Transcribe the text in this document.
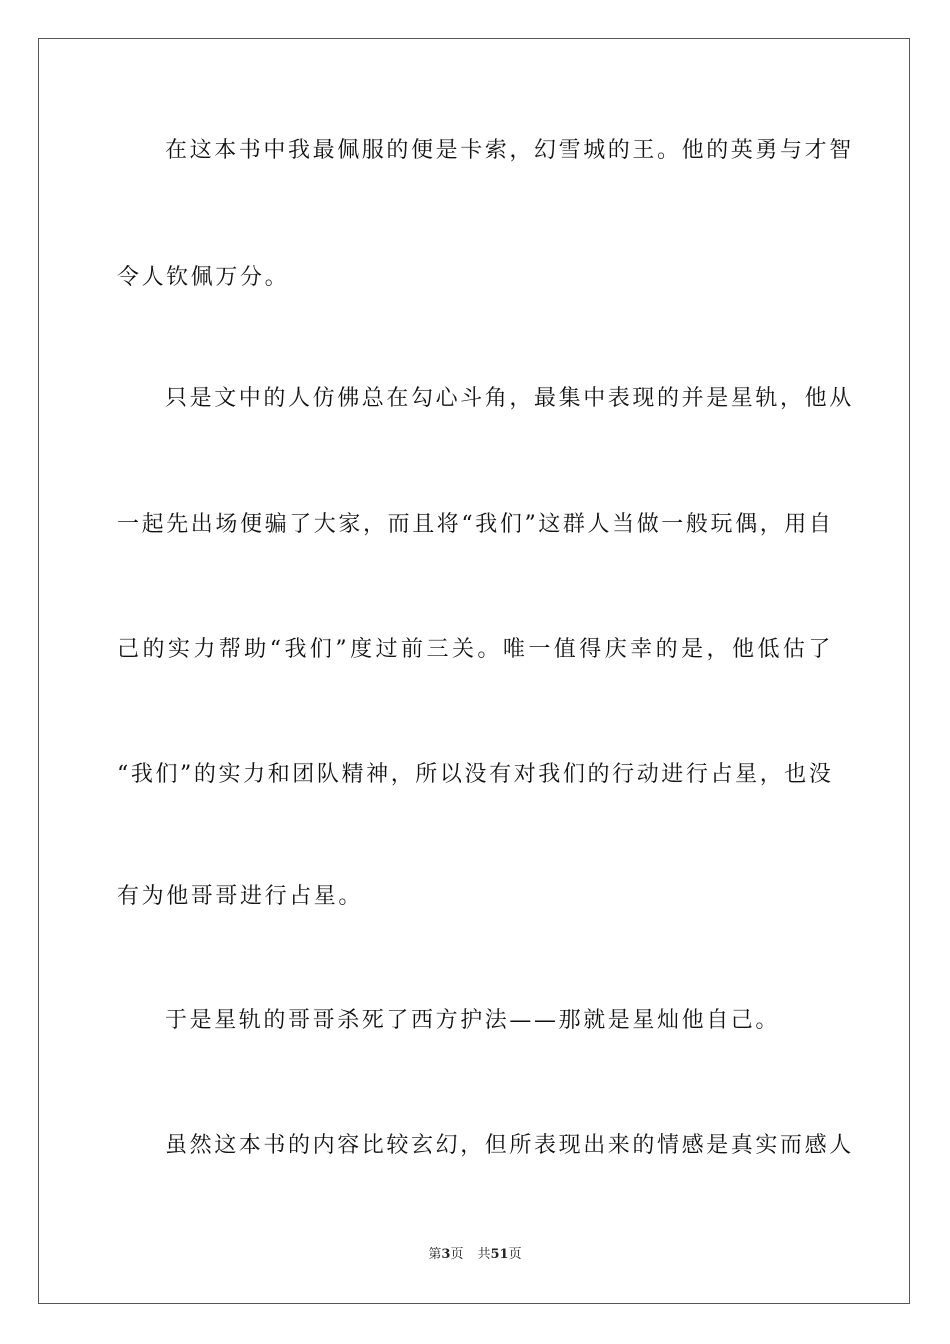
在这本书中我最佩服的便是卡索，幻雪城的王。他的英勇与才智
令人钦佩万分。
只是文中的人仿佛总在勾心斗角，最集中表现的并是星轨，他从
一起先出场便骗了大家，而且将“我们”这群人当做一般玩偶，用自
己的实力帮助“我们”度过前三关。唯一值得庆幸的是，他低估了
“我们”的实力和团队精神，所以没有对我们的行动进行占星，也没
有为他哥哥进行占星。
于是星轨的哥哥杀死了西方护法——那就是星灿他自己。
虽然这本书的内容比较玄幻，但所表现出来的情感是真实而感人
第3页 共51页
